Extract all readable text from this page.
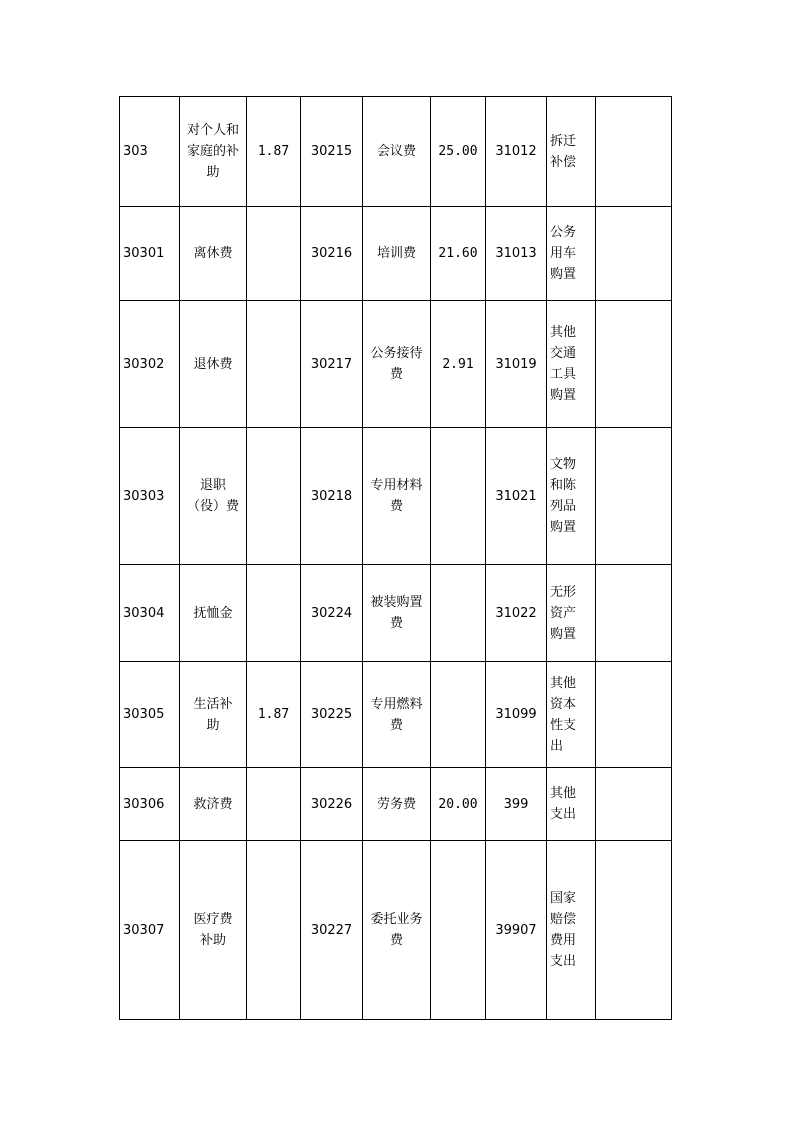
303	对个人和家庭的补助	1.87	30215	会议费	25.00	31012	拆迁补偿	

30301	离休费		30216	培训费	21.60	31013	公务用车购置	

30302	退休费		30217	公务接待费	2.91	31019	其他交通工具购置	

30303	退职（役）费		30218	专用材料费		31021	文物和陈列品购置	

30304	抚恤金		30224	被装购置费		31022	无形资产购置	

30305	生活补助	1.87	30225	专用燃料费		31099	其他资本性支出	

30306	救济费		30226	劳务费	20.00	399	其他支出	

30307	医疗费补助		30227	委托业务费		39907	国家赔偿费用支出	
